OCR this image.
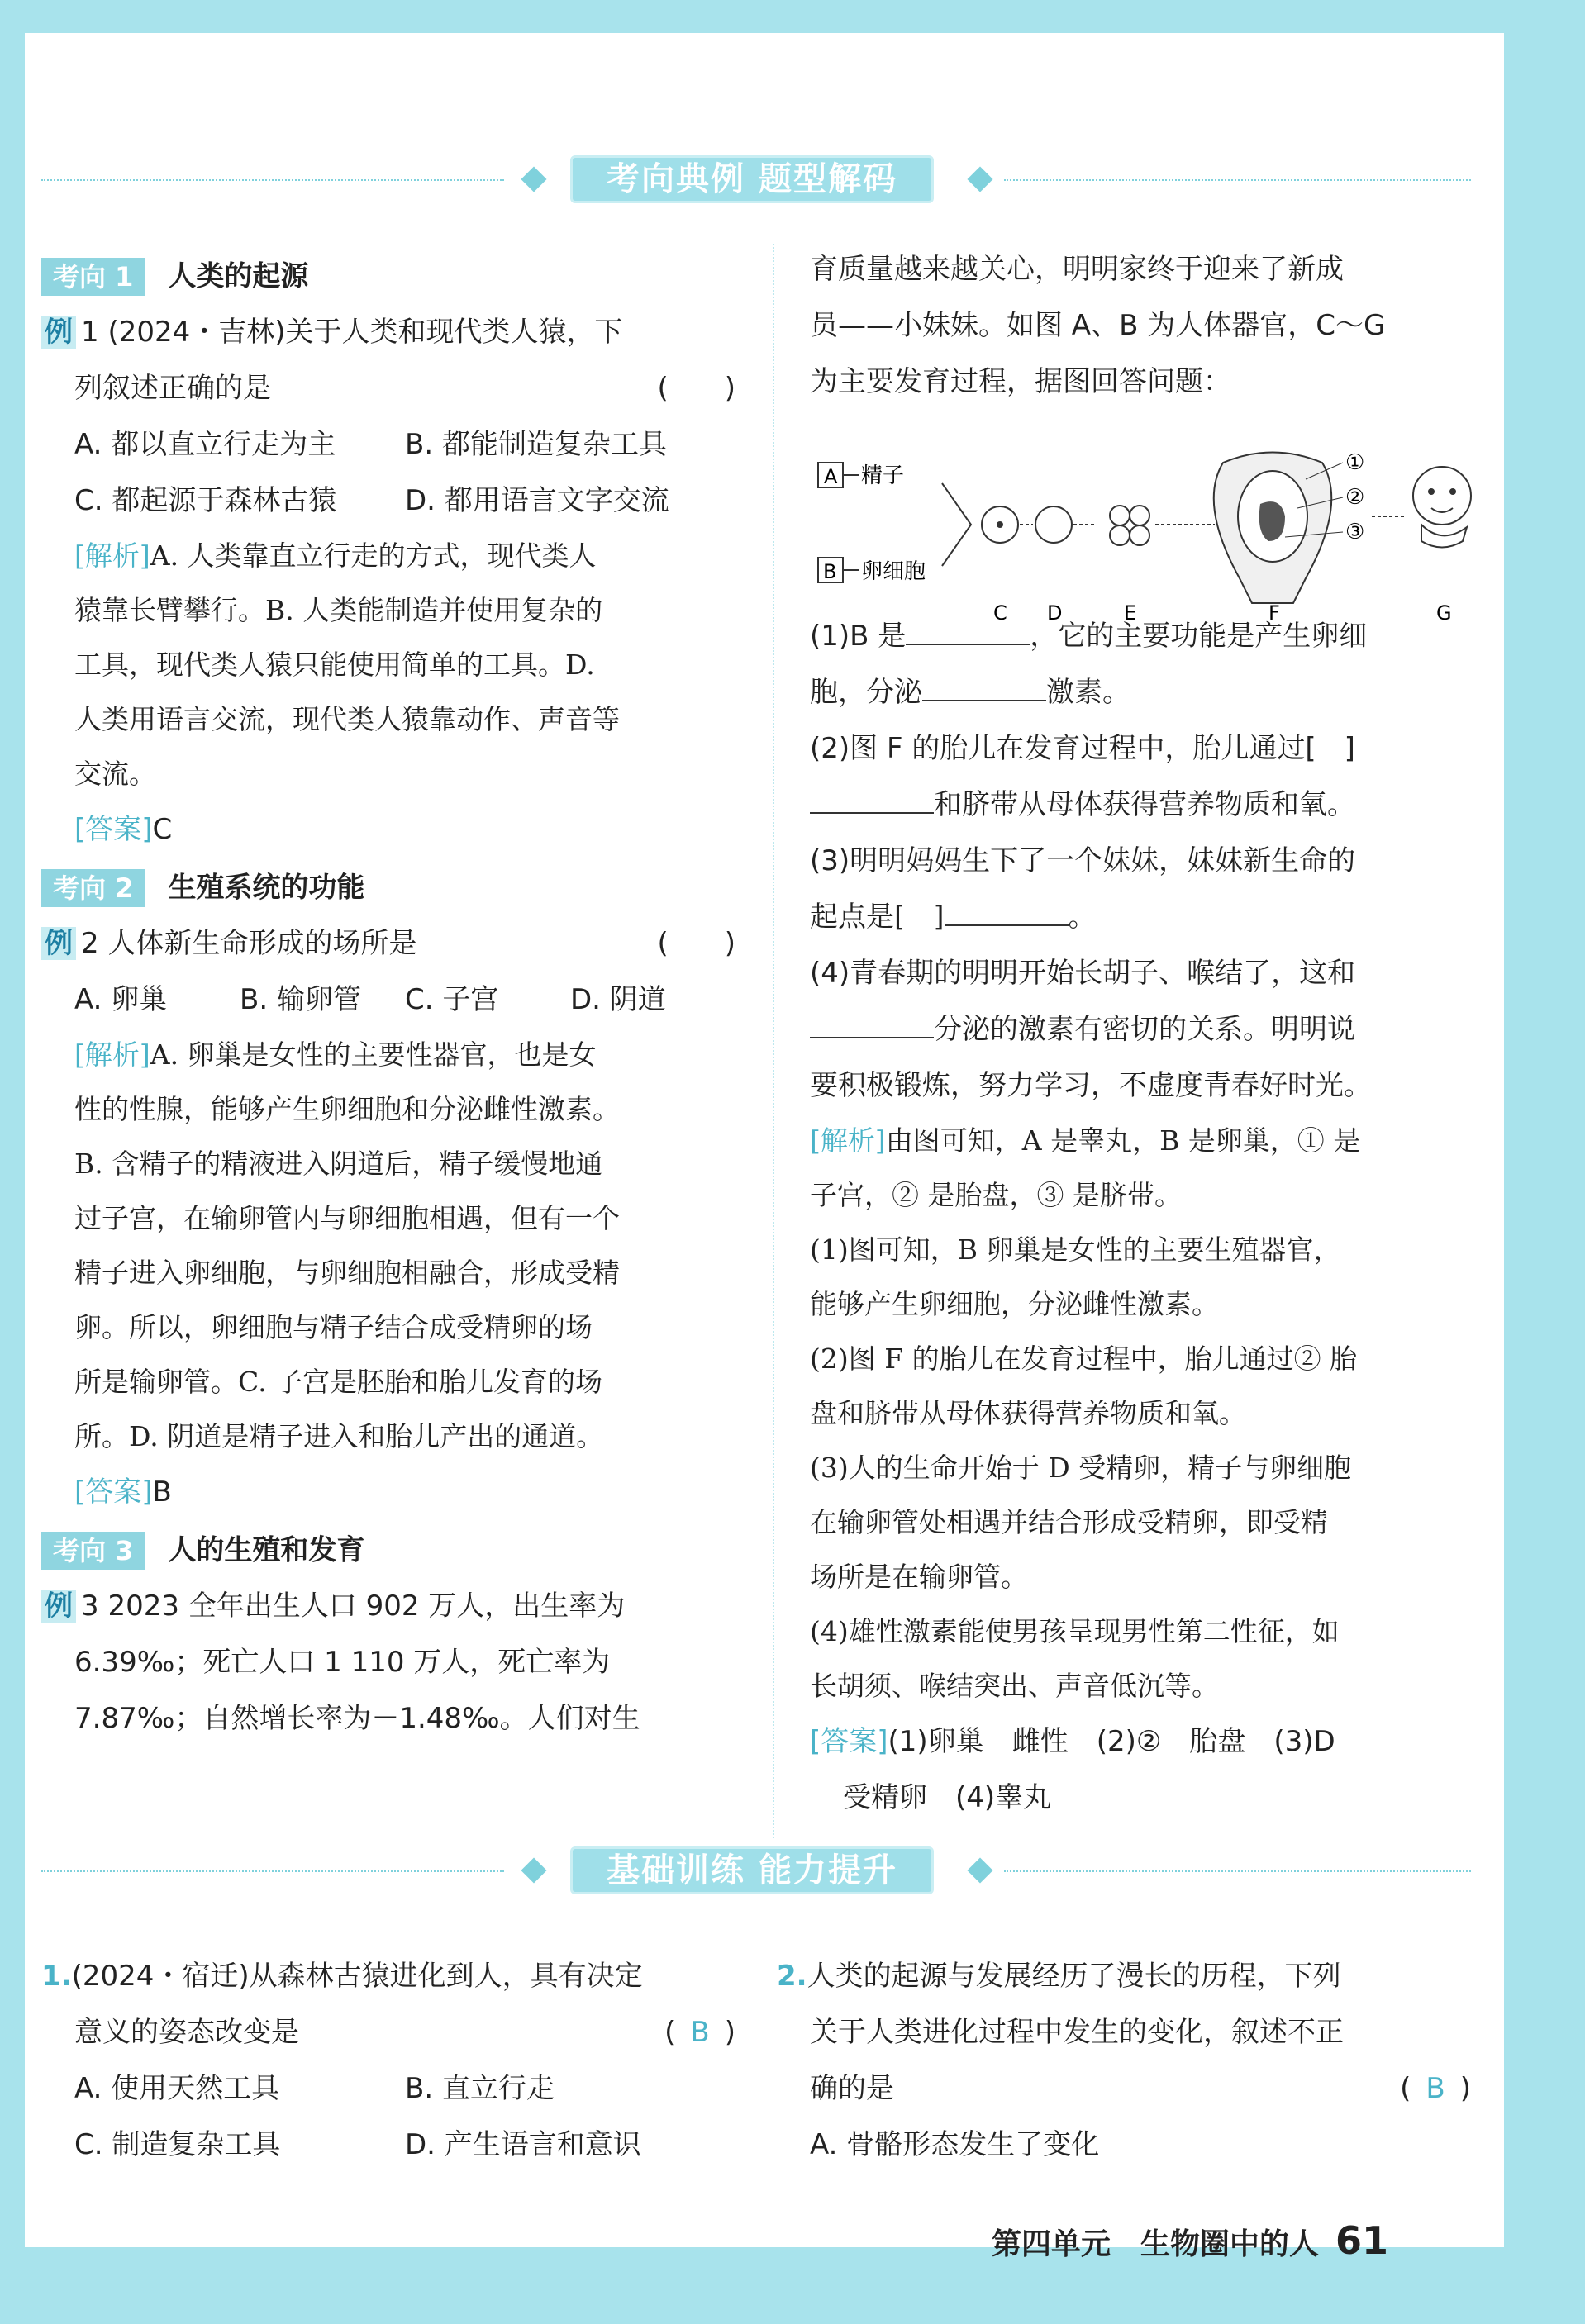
考向典例 题型解码
考向 1 人类的起源
例 1 (2024・吉林)关于人类和现代类人猿，下
列叙述正确的是	(　　)
A. 都以直立行走为主	B. 都能制造复杂工具
C. 都起源于森林古猿	D. 都用语言文字交流
[解析]A. 人类靠直立行走的方式，现代类人
猿靠长臂攀行。B. 人类能制造并使用复杂的
工具，现代类人猿只能使用简单的工具。D.
人类用语言交流，现代类人猿靠动作、声音等
交流。
[答案]C
考向 2 生殖系统的功能
例 2 人体新生命形成的场所是	(　　)
A. 卵巢	B. 输卵管	C. 子宫	D. 阴道
[解析]A. 卵巢是女性的主要性器官，也是女
性的性腺，能够产生卵细胞和分泌雌性激素。
B. 含精子的精液进入阴道后，精子缓慢地通
过子宫，在输卵管内与卵细胞相遇，但有一个
精子进入卵细胞，与卵细胞相融合，形成受精
卵。所以，卵细胞与精子结合成受精卵的场
所是输卵管。C. 子宫是胚胎和胎儿发育的场
所。D. 阴道是精子进入和胎儿产出的通道。
[答案]B
考向 3 人的生殖和发育
例 3 2023 全年出生人口 902 万人，出生率为
6.39‰；死亡人口 1 110 万人，死亡率为
7.87‰；自然增长率为－1.48‰。人们对生
育质量越来越关心，明明家终于迎来了新成
员——小妹妹。如图 A、B 为人体器官，C～G
为主要发育过程，据图回答问题：
(1)B 是	，它的主要功能是产生卵细
胞，分泌	激素。
(2)图 F 的胎儿在发育过程中，胎儿通过[　]
和脐带从母体获得营养物质和氧。
(3)明明妈妈生下了一个妹妹，妹妹新生命的
起点是[　]	。
(4)青春期的明明开始长胡子、喉结了，这和
分泌的激素有密切的关系。明明说
要积极锻炼，努力学习，不虚度青春好时光。
[解析]由图可知，A 是睾丸，B 是卵巢，① 是
子宫，② 是胎盘，③ 是脐带。
(1)图可知，B 卵巢是女性的主要生殖器官，
能够产生卵细胞，分泌雌性激素。
(2)图 F 的胎儿在发育过程中，胎儿通过② 胎
盘和脐带从母体获得营养物质和氧。
(3)人的生命开始于 D 受精卵，精子与卵细胞
在输卵管处相遇并结合形成受精卵，即受精
场所是在输卵管。
(4)雄性激素能使男孩呈现男性第二性征，如
长胡须、喉结突出、声音低沉等。
[答案](1)卵巢　雌性　(2)②　胎盘　(3)D
受精卵　(4)睾丸
A 精子
B 卵细胞
①
②
③
C D	E	F	G
基础训练 能力提升
1.(2024・宿迁)从森林古猿进化到人，具有决定
意义的姿态改变是	( B )
A. 使用天然工具	B. 直立行走
C. 制造复杂工具	D. 产生语言和意识
2.人类的起源与发展经历了漫长的历程，下列
关于人类进化过程中发生的变化，叙述不正
确的是	( B )
A. 骨骼形态发生了变化
第四单元　生物圈中的人 61
